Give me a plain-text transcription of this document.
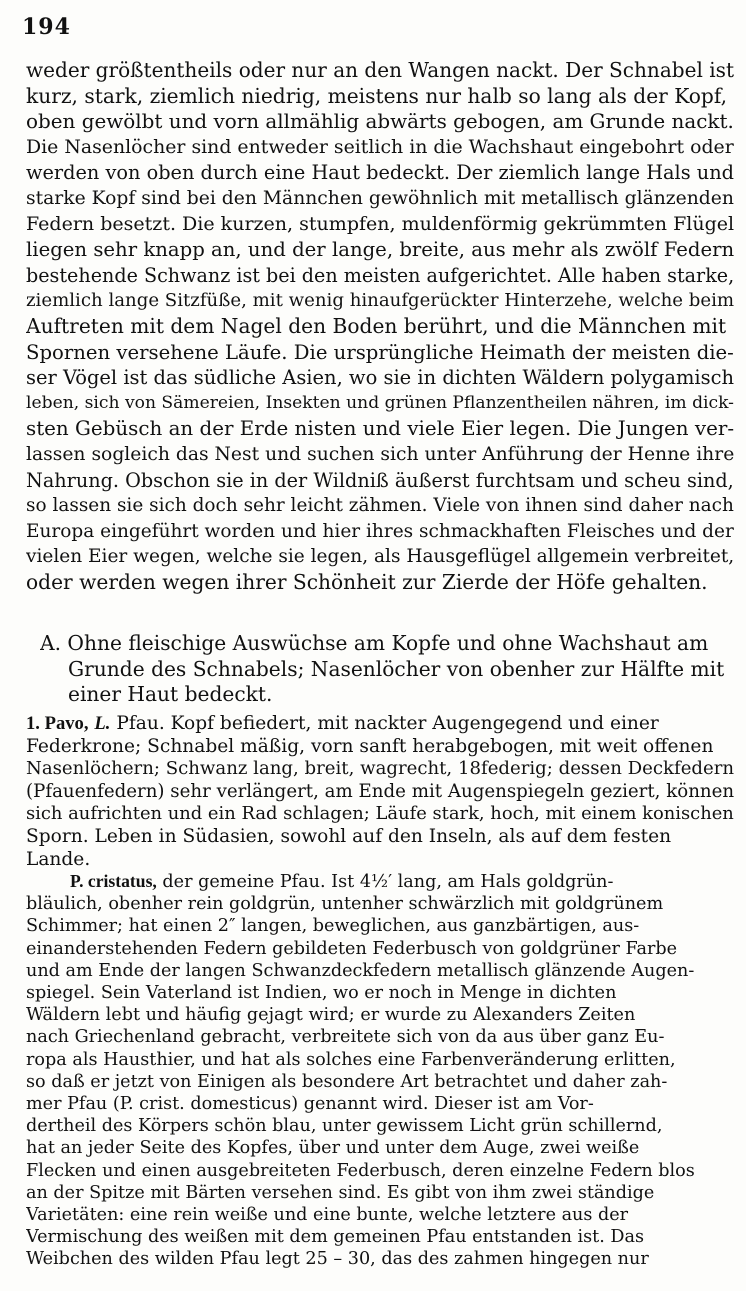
194
weder größtentheils oder nur an den Wangen nackt. Der Schnabel ist
kurz, stark, ziemlich niedrig, meistens nur halb so lang als der Kopf,
oben gewölbt und vorn allmählig abwärts gebogen, am Grunde nackt.
Die Nasenlöcher sind entweder seitlich in die Wachshaut eingebohrt oder
werden von oben durch eine Haut bedeckt. Der ziemlich lange Hals und
starke Kopf sind bei den Männchen gewöhnlich mit metallisch glänzenden
Federn besetzt. Die kurzen, stumpfen, muldenförmig gekrümmten Flügel
liegen sehr knapp an, und der lange, breite, aus mehr als zwölf Federn
bestehende Schwanz ist bei den meisten aufgerichtet. Alle haben starke,
ziemlich lange Sitzfüße, mit wenig hinaufgerückter Hinterzehe, welche beim
Auftreten mit dem Nagel den Boden berührt, und die Männchen mit
Spornen versehene Läufe. Die ursprüngliche Heimath der meisten die-
ser Vögel ist das südliche Asien, wo sie in dichten Wäldern polygamisch
leben, sich von Sämereien, Insekten und grünen Pflanzentheilen nähren, im dick-
sten Gebüsch an der Erde nisten und viele Eier legen. Die Jungen ver-
lassen sogleich das Nest und suchen sich unter Anführung der Henne ihre
Nahrung. Obschon sie in der Wildniß äußerst furchtsam und scheu sind,
so lassen sie sich doch sehr leicht zähmen. Viele von ihnen sind daher nach
Europa eingeführt worden und hier ihres schmackhaften Fleisches und der
vielen Eier wegen, welche sie legen, als Hausgeflügel allgemein verbreitet,
oder werden wegen ihrer Schönheit zur Zierde der Höfe gehalten.
A. Ohne fleischige Auswüchse am Kopfe und ohne Wachshaut am
Grunde des Schnabels; Nasenlöcher von obenher zur Hälfte mit
einer Haut bedeckt.
1. Pavo, L. Pfau. Kopf befiedert, mit nackter Augengegend und einer
Federkrone; Schnabel mäßig, vorn sanft herabgebogen, mit weit offenen
Nasenlöchern; Schwanz lang, breit, wagrecht, 18federig; dessen Deckfedern
(Pfauenfedern) sehr verlängert, am Ende mit Augenspiegeln geziert, können
sich aufrichten und ein Rad schlagen; Läufe stark, hoch, mit einem konischen
Sporn. Leben in Südasien, sowohl auf den Inseln, als auf dem festen
Lande.
P. cristatus, der gemeine Pfau. Ist 4½′ lang, am Hals goldgrün-
bläulich, obenher rein goldgrün, untenher schwärzlich mit goldgrünem
Schimmer; hat einen 2″ langen, beweglichen, aus ganzbärtigen, aus-
einanderstehenden Federn gebildeten Federbusch von goldgrüner Farbe
und am Ende der langen Schwanzdeckfedern metallisch glänzende Augen-
spiegel. Sein Vaterland ist Indien, wo er noch in Menge in dichten
Wäldern lebt und häufig gejagt wird; er wurde zu Alexanders Zeiten
nach Griechenland gebracht, verbreitete sich von da aus über ganz Eu-
ropa als Hausthier, und hat als solches eine Farbenveränderung erlitten,
so daß er jetzt von Einigen als besondere Art betrachtet und daher zah-
mer Pfau (P. crist. domesticus) genannt wird. Dieser ist am Vor-
dertheil des Körpers schön blau, unter gewissem Licht grün schillernd,
hat an jeder Seite des Kopfes, über und unter dem Auge, zwei weiße
Flecken und einen ausgebreiteten Federbusch, deren einzelne Federn blos
an der Spitze mit Bärten versehen sind. Es gibt von ihm zwei ständige
Varietäten: eine rein weiße und eine bunte, welche letztere aus der
Vermischung des weißen mit dem gemeinen Pfau entstanden ist. Das
Weibchen des wilden Pfau legt 25 – 30, das des zahmen hingegen nur
